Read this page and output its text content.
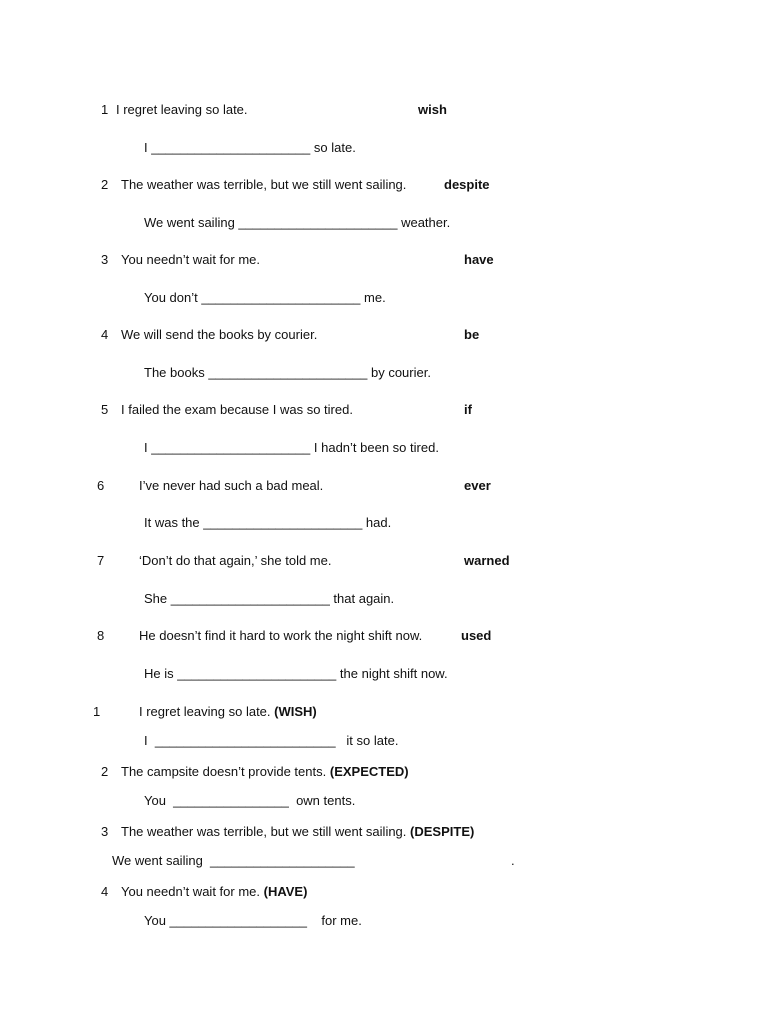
1 I regret leaving so late.	wish
I ______________________ so late.
2 The weather was terrible, but we still went sailing.	despite
We went sailing ______________________ weather.
3 You needn’t wait for me.	have
You don’t ______________________ me.
4 We will send the books by courier.	be
The books ______________________ by courier.
5 I failed the exam because I was so tired.	if
I ______________________ I hadn’t been so tired.
6	I’ve never had such a bad meal.	ever
It was the ______________________ had.
7	‘Don’t do that again,’ she told me.	warned
She ______________________ that again.
8	He doesn’t find it hard to work the night shift now.	used
He is ______________________ the night shift now.
1	I regret leaving so late. (WISH)
I  _________________________   it so late.
2 The campsite doesn’t provide tents. (EXPECTED)
You  ________________  own tents.
3 The weather was terrible, but we still went sailing. (DESPITE)
We went sailing  ____________________	.
4 You needn’t wait for me. (HAVE)
You ___________________    for me.
